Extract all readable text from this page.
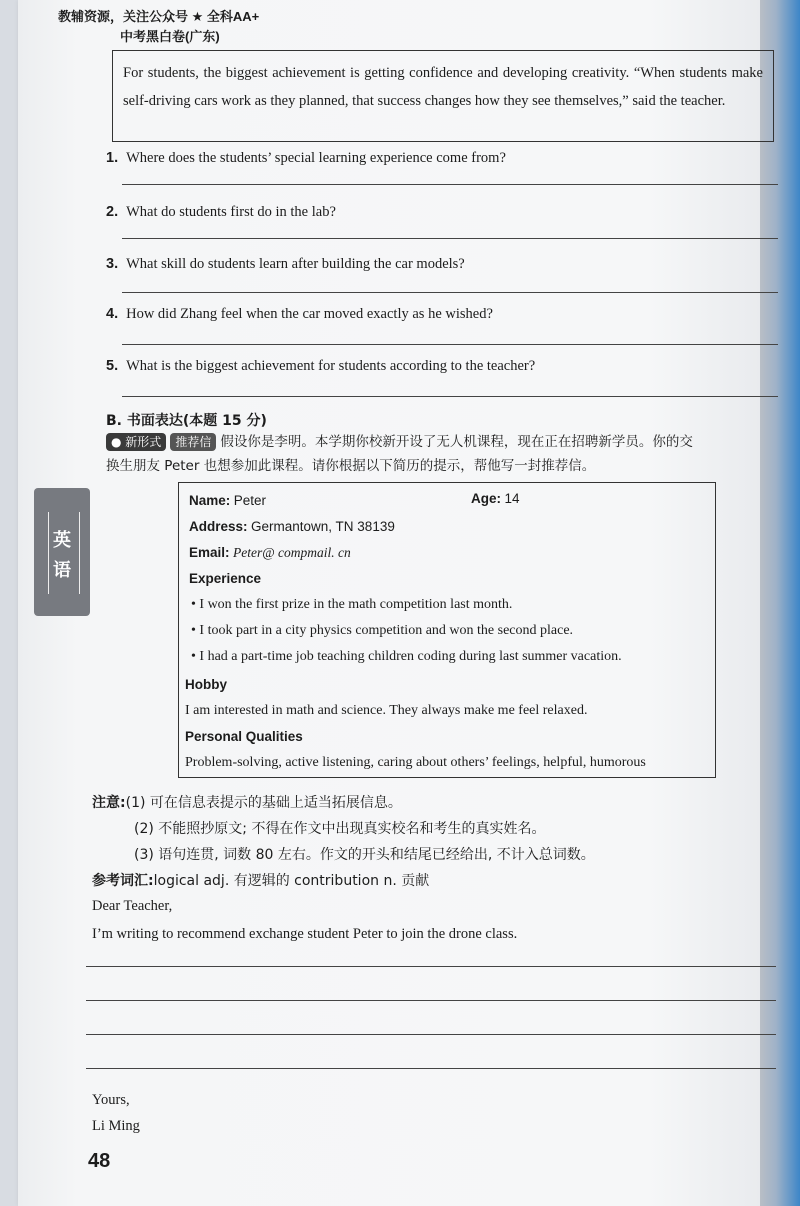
教辅资源，关注公众号 ★ 全科AA+
中考黑白卷(广东)
For students, the biggest achievement is getting confidence and developing creativity. “When students make self-driving cars work as they planned, that success changes how they see themselves,” said the teacher.
1. Where does the students’ special learning experience come from?
2. What do students first do in the lab?
3. What skill do students learn after building the car models?
4. How did Zhang feel when the car moved exactly as he wished?
5. What is the biggest achievement for students according to the teacher?
B. 书面表达(本题 15 分)
● 新形式 推荐信 假设你是李明。本学期你校新开设了无人机课程，现在正在招聘新学员。你的交
换生朋友 Peter 也想参加此课程。请你根据以下简历的提示，帮他写一封推荐信。
英
语
Name: Peter	Age: 14
Address: Germantown, TN 38139
Email: Peter@ compmail. cn
Experience
• I won the first prize in the math competition last month.
• I took part in a city physics competition and won the second place.
• I had a part-time job teaching children coding during last summer vacation.
Hobby
I am interested in math and science. They always make me feel relaxed.
Personal Qualities
Problem-solving, active listening, caring about others’ feelings, helpful, humorous
注意:(1) 可在信息表提示的基础上适当拓展信息。
(2) 不能照抄原文; 不得在作文中出现真实校名和考生的真实姓名。
(3) 语句连贯, 词数 80 左右。作文的开头和结尾已经给出, 不计入总词数。
参考词汇:logical adj. 有逻辑的 contribution n. 贡献
Dear Teacher,
I’m writing to recommend exchange student Peter to join the drone class.
Yours,
Li Ming
48
